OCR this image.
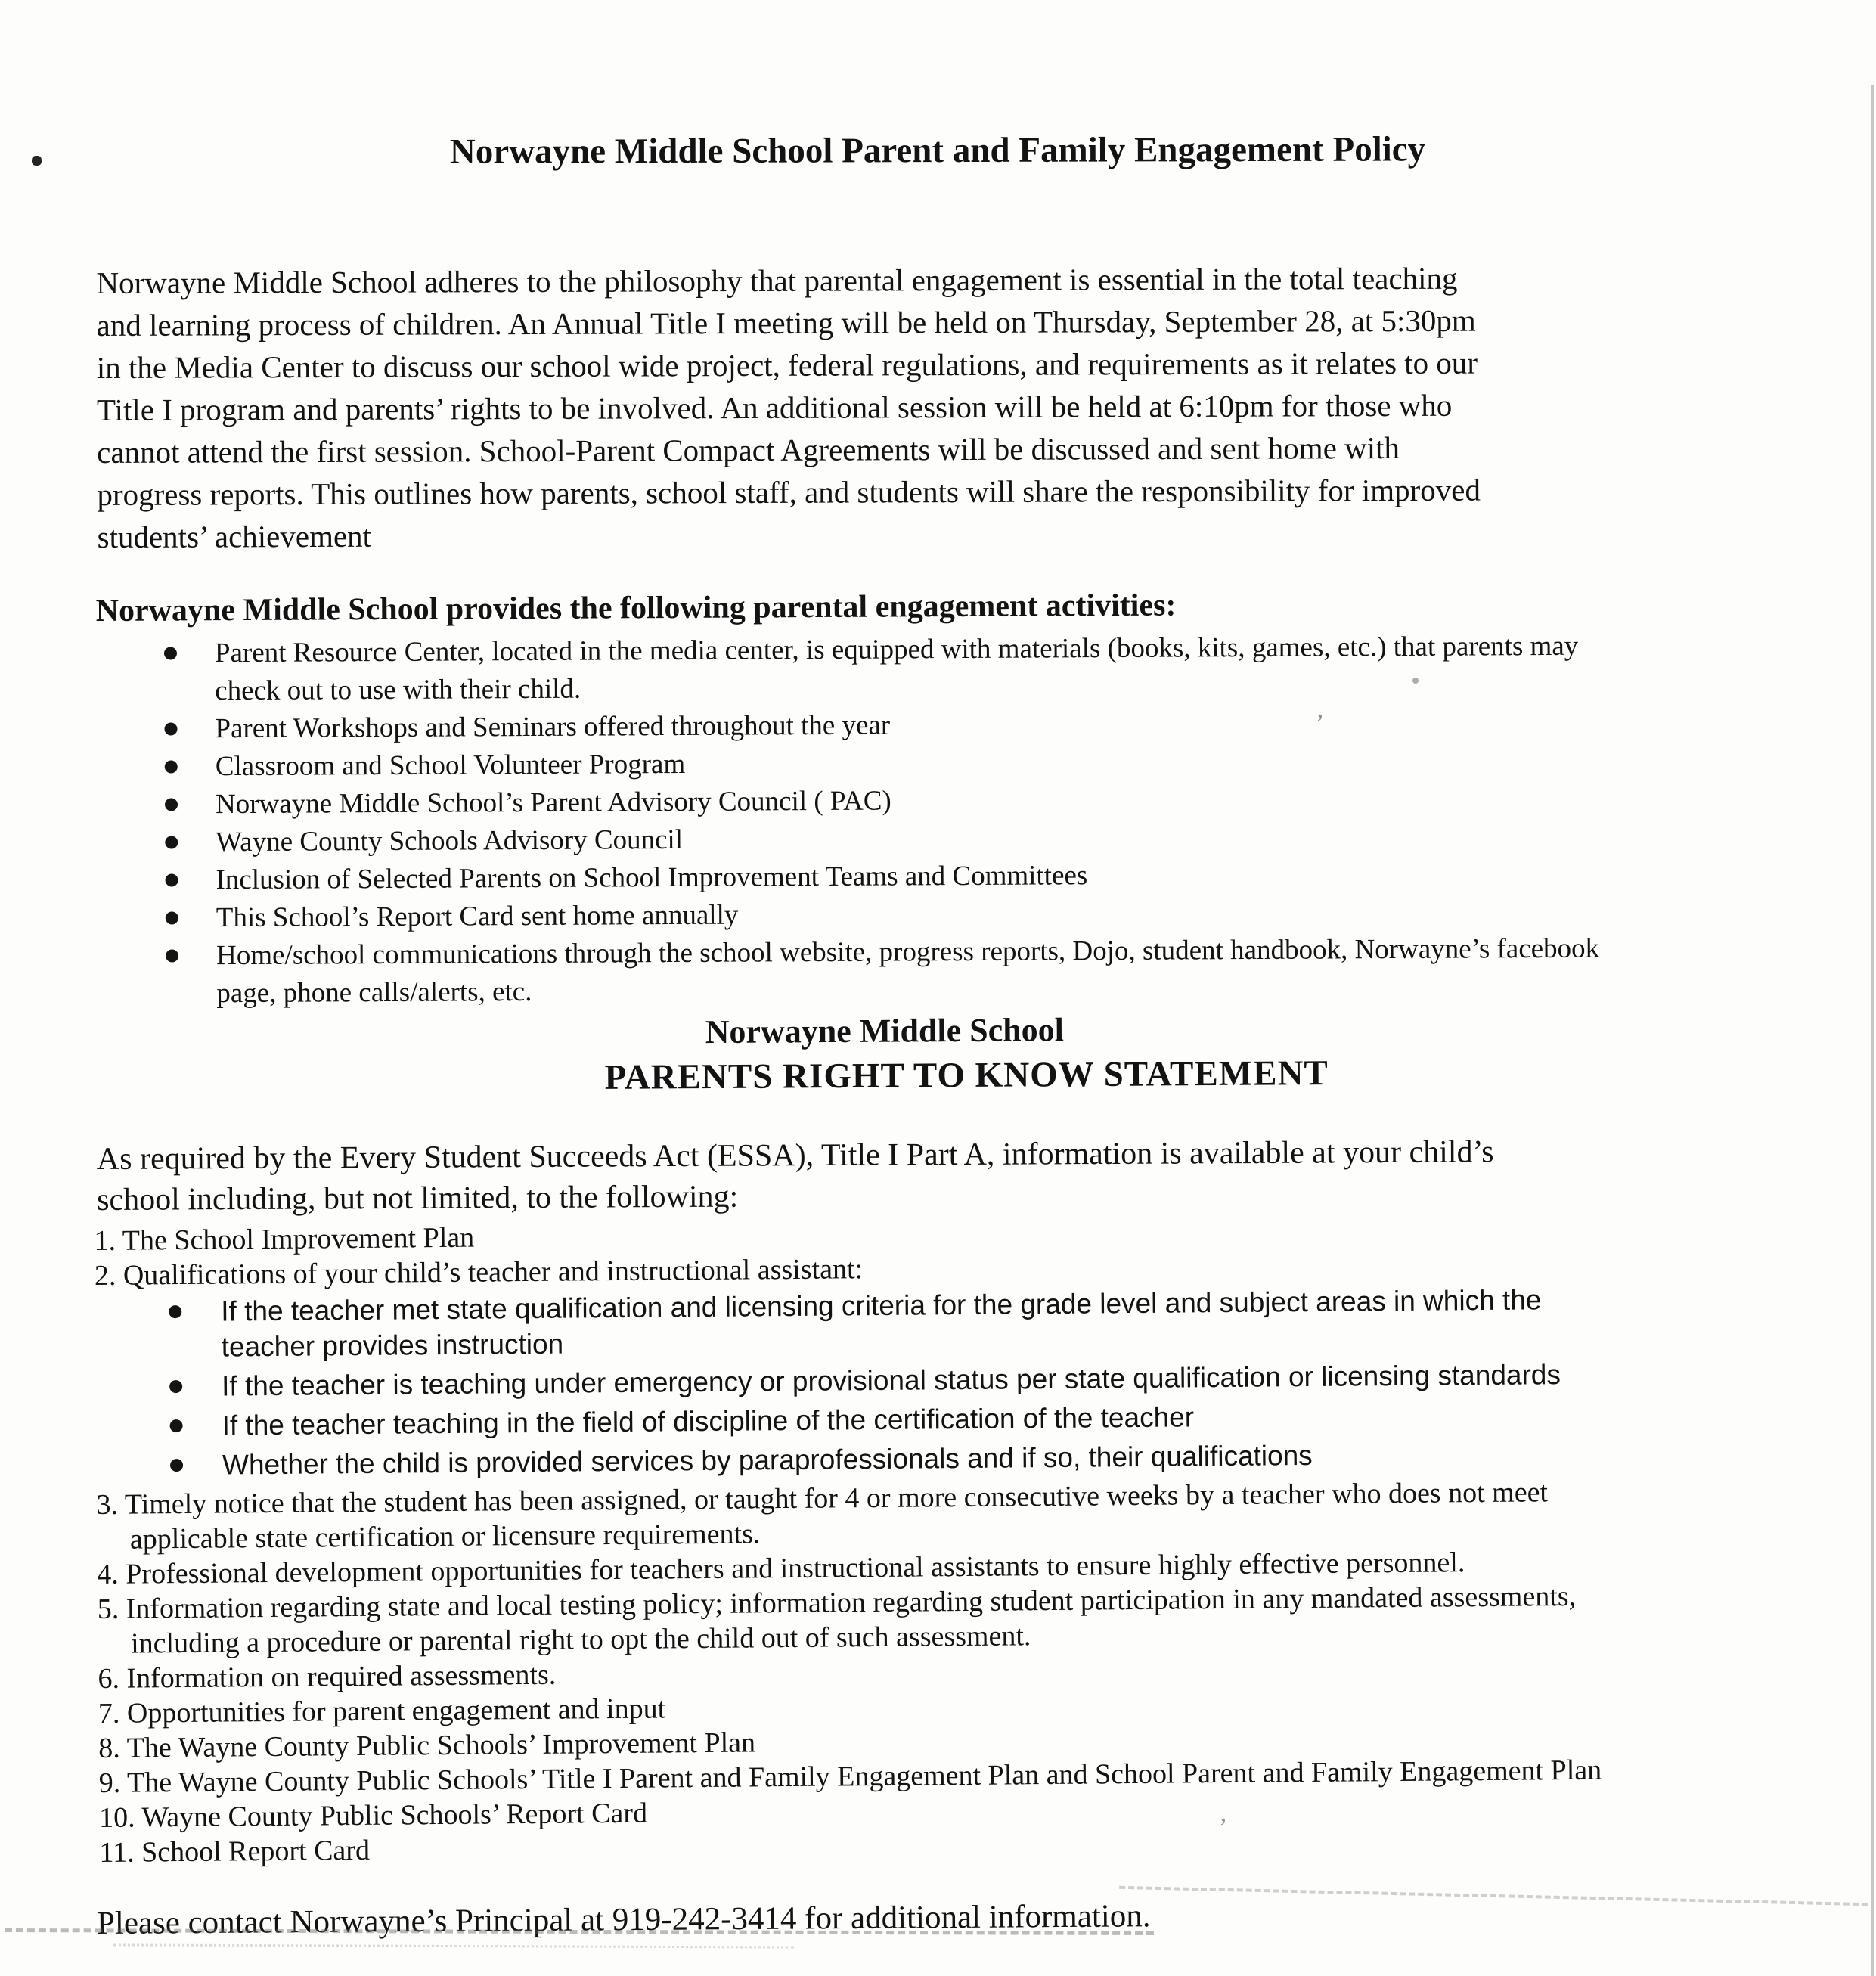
Norwayne Middle School Parent and Family Engagement Policy
Norwayne Middle School adheres to the philosophy that parental engagement is essential in the total teaching
and learning process of children. An Annual Title I meeting will be held on Thursday, September 28, at 5:30pm
in the Media Center to discuss our school wide project, federal regulations, and requirements as it relates to our
Title I program and parents’ rights to be involved. An additional session will be held at 6:10pm for those who
cannot attend the first session. School-Parent Compact Agreements will be discussed and sent home with
progress reports. This outlines how parents, school staff, and students will share the responsibility for improved
students’ achievement
Norwayne Middle School provides the following parental engagement activities:
Parent Resource Center, located in the media center, is equipped with materials (books, kits, games, etc.) that parents may
check out to use with their child.
Parent Workshops and Seminars offered throughout the year
Classroom and School Volunteer Program
Norwayne Middle School’s Parent Advisory Council ( PAC)
Wayne County Schools Advisory Council
Inclusion of Selected Parents on School Improvement Teams and Committees
This School’s Report Card sent home annually
Home/school communications through the school website, progress reports, Dojo, student handbook, Norwayne’s facebook
page, phone calls/alerts, etc.
Norwayne Middle School
PARENTS RIGHT TO KNOW STATEMENT
As required by the Every Student Succeeds Act (ESSA), Title I Part A, information is available at your child’s
school including, but not limited, to the following:
1. The School Improvement Plan
2. Qualifications of your child’s teacher and instructional assistant:
If the teacher met state qualification and licensing criteria for the grade level and subject areas in which the
teacher provides instruction
If the teacher is teaching under emergency or provisional status per state qualification or licensing standards
If the teacher teaching in the field of discipline of the certification of the teacher
Whether the child is provided services by paraprofessionals and if so, their qualifications
3. Timely notice that the student has been assigned, or taught for 4 or more consecutive weeks by a teacher who does not meet
applicable state certification or licensure requirements.
4. Professional development opportunities for teachers and instructional assistants to ensure highly effective personnel.
5. Information regarding state and local testing policy; information regarding student participation in any mandated assessments,
including a procedure or parental right to opt the child out of such assessment.
6. Information on required assessments.
7. Opportunities for parent engagement and input
8. The Wayne County Public Schools’ Improvement Plan
9. The Wayne County Public Schools’ Title I Parent and Family Engagement Plan and School Parent and Family Engagement Plan
10. Wayne County Public Schools’ Report Card
11. School Report Card
Please contact Norwayne’s Principal at 919-242-3414 for additional information.
’
’
